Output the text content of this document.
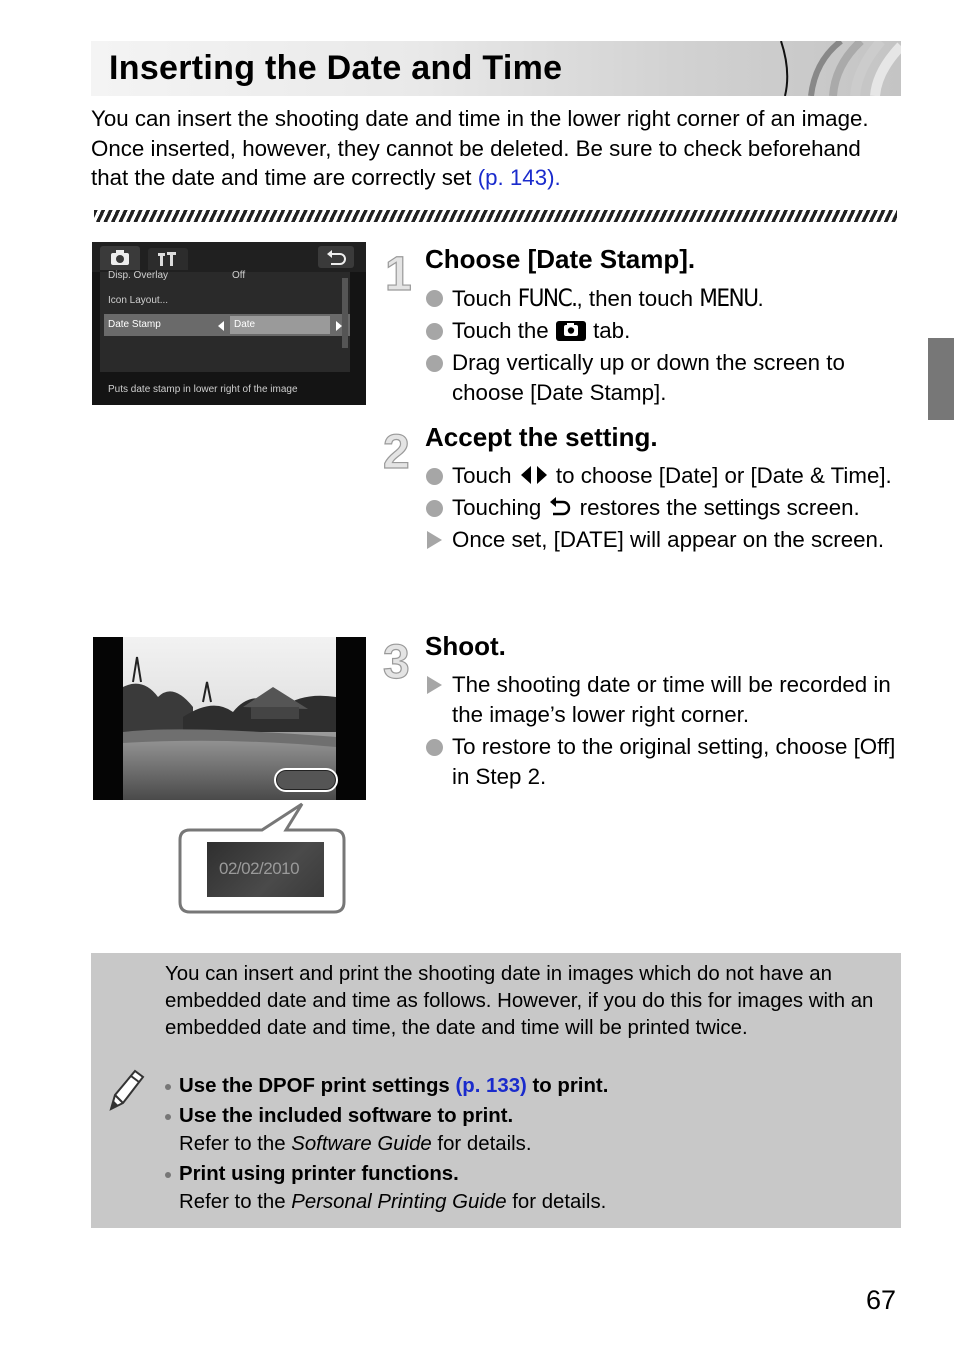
Inserting the Date and Time

You can insert the shooting date and time in the lower right corner of an image. Once inserted, however, they cannot be deleted. Be sure to check beforehand that the date and time are correctly set (p. 143).

Disp. Overlay	Off
Icon Layout...
Date Stamp	Date
Puts date stamp in lower right of the image
1 Choose [Date Stamp].
Touch FUNC., then touch MENU.
Touch the  tab.
Drag vertically up or down the screen to choose [Date Stamp].
2 Accept the setting.
Touch  to choose [Date] or [Date & Time].
Touching  restores the settings screen.
Once set, [DATE] will appear on the screen.
02/02/2010
3 Shoot.
The shooting date or time will be recorded in the image’s lower right corner.
To restore to the original setting, choose [Off] in Step 2.

You can insert and print the shooting date in images which do not have an embedded date and time as follows. However, if you do this for images with an embedded date and time, the date and time will be printed twice.

Use the DPOF print settings (p. 133) to print.
Use the included software to print.
Refer to the Software Guide for details.
Print using printer functions.
Refer to the Personal Printing Guide for details.
67
